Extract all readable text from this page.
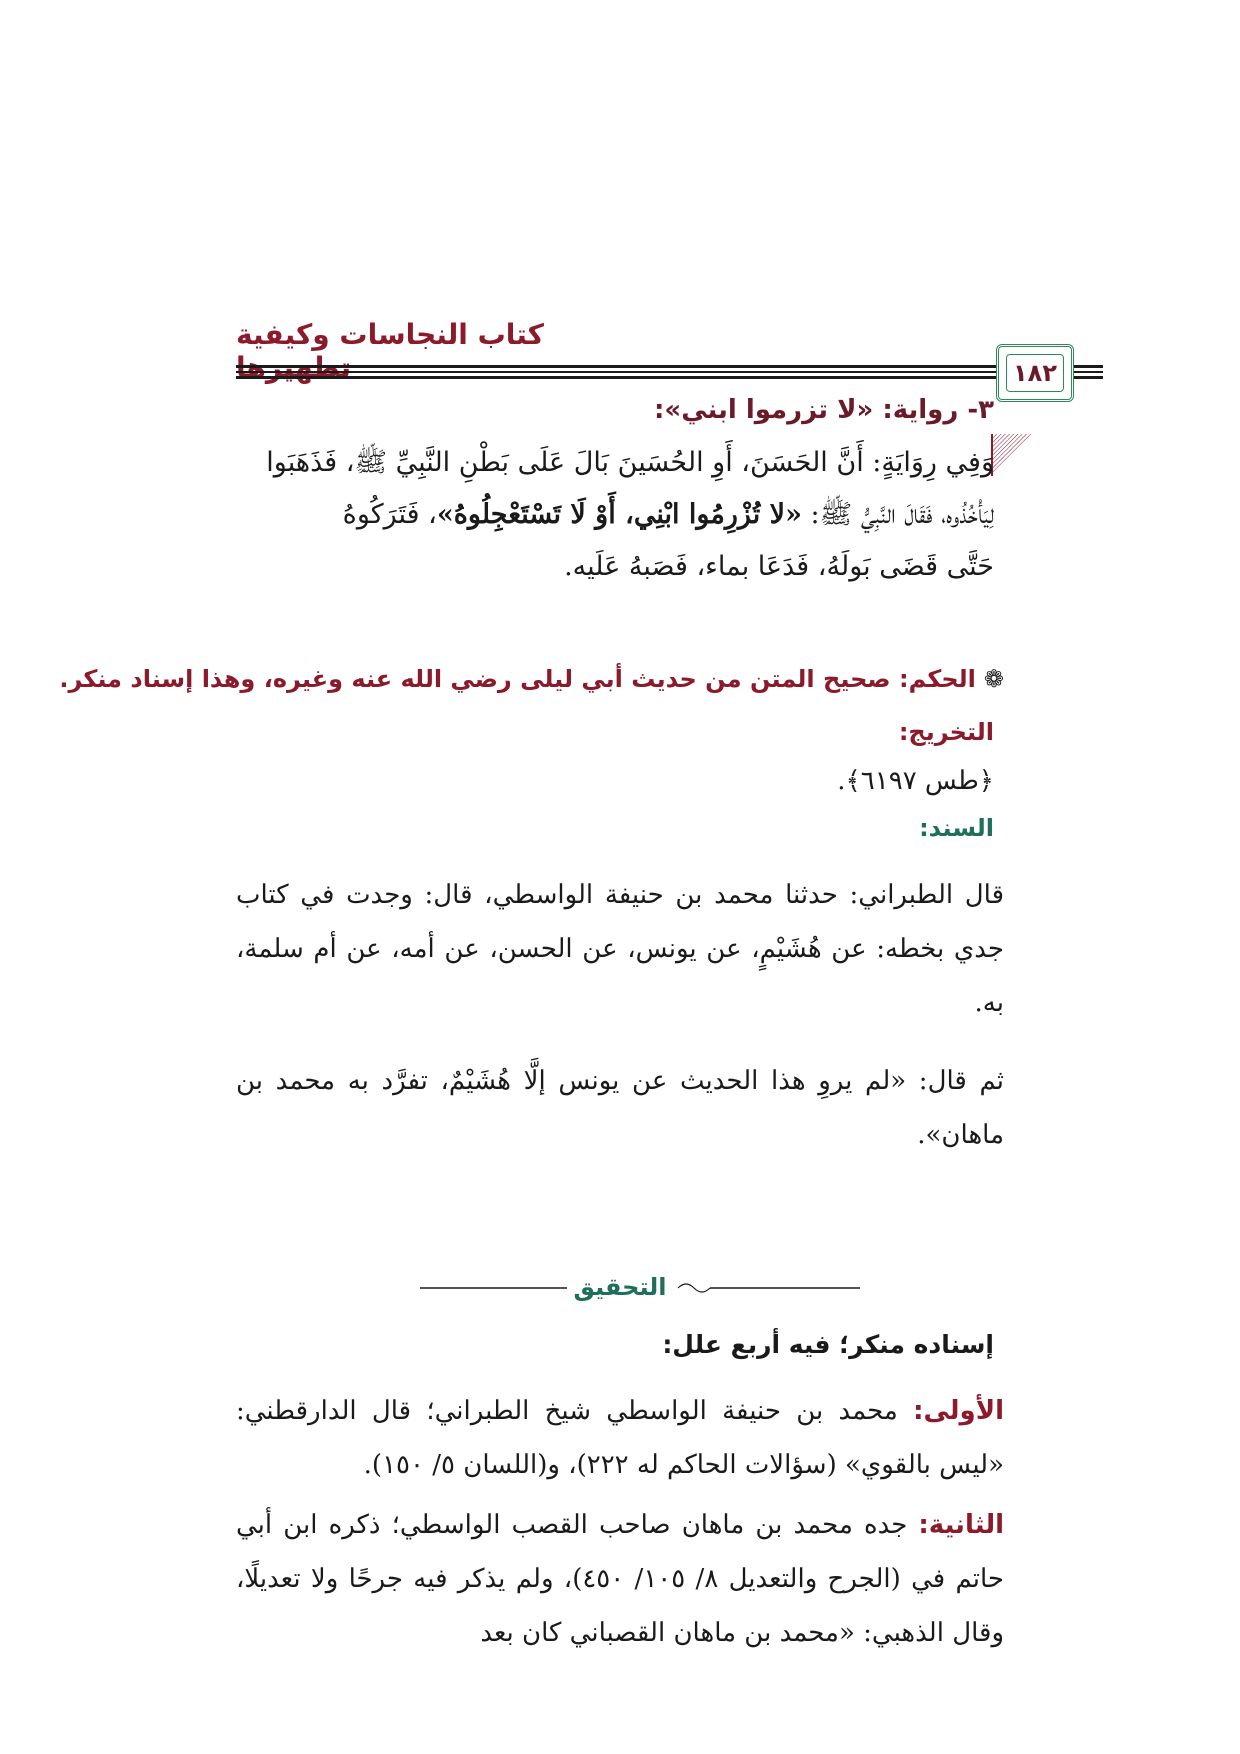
كتاب النجاسات وكيفية
١٨٢
٣- رواية: «لا تزرموا ابني»:
وَفِي رِوَايَةٍ: أَنَّ الحَسَنَ، أَوِ الحُسَينَ بَالَ عَلَى بَطْنِ النَّبِيِّ ﷺ، فَذَهَبَوا
لِيَأْخُذُوه، فَقَالَ النَّبِيُّ ﷺ: «لا تُزْرِمُوا ابْنِي، أَوْ لَا تَسْتَعْجِلُوهُ»، فَتَرَكُوهُ
حَتَّى قَضَى بَولَهُ، فَدَعَا بماء، فَصَبهُ عَلَيه.
❁الحكم: صحيح المتن من حديث أبي ليلى رضي الله عنه وغيره، وهذا إسناد منكر.
التخريج:
﴿طس ٦١٩٧﴾.
السند:
قال الطبراني: حدثنا محمد بن حنيفة الواسطي، قال: وجدت في كتاب جدي بخطه: عن هُشَيْمٍ، عن يونس، عن الحسن، عن أمه، عن أم سلمة، به.
ثم قال: «لم يروِ هذا الحديث عن يونس إلَّا هُشَيْمٌ، تفرَّد به محمد بن ماهان».
التحقيق
إسناده منكر؛ فيه أربع علل:
الأولى: محمد بن حنيفة الواسطي شيخ الطبراني؛ قال الدارقطني: «ليس بالقوي» (سؤالات الحاكم له ٢٢٢)، و(اللسان ٥/ ١٥٠).
الثانية: جده محمد بن ماهان صاحب القصب الواسطي؛ ذكره ابن أبي حاتم في (الجرح والتعديل ٨/ ١٠٥/ ٤٥٠)، ولم يذكر فيه جرحًا ولا تعديلًا، وقال الذهبي: «محمد بن ماهان القصباني كان بعد
